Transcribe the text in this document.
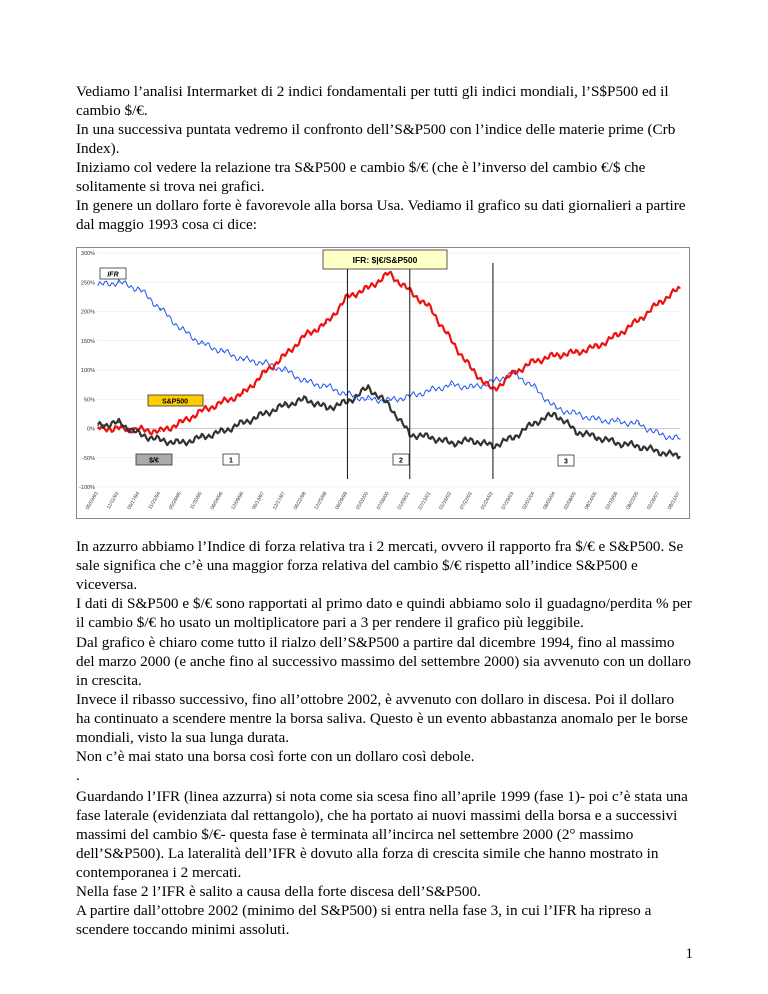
Vediamo l’analisi Intermarket di 2 indici fondamentali per tutti gli indici mondiali, l’S$P500 ed il cambio $/€.

In una successiva puntata vedremo il confronto dell’S&P500 con l’indice delle materie prime (Crb Index).

Iniziamo col vedere la relazione tra S&P500 e cambio $/€ (che è l’inverso del cambio €/$ che solitamente si trova nei grafici.

In genere un dollaro forte è favorevole alla borsa Usa. Vediamo il grafico su dati giornalieri a partire dal maggio 1993 cosa ci dice:

300%
250%
200%
150%
100%
50%
0%
-50%
-100%
05/03/93 11/11/93 05/17/94 11/21/94 05/26/95 11/30/95 06/04/96 12/09/96 06/13/97 12/17/97 06/22/98 12/25/98 06/29/99 01/02/00 07/06/00 01/09/01 07/13/01 01/16/02 07/22/02 01/24/03 07/29/03 02/01/04 08/05/04 02/08/05 08/14/05 02/16/06 08/22/06 02/26/07 08/31/07
IFR: $|€/S&P500
IFR
S&P500
$/€	1	2	3

In azzurro abbiamo l’Indice di forza relativa tra i 2 mercati, ovvero il rapporto fra $/€ e S&P500. Se sale significa che c’è una maggior forza relativa del cambio $/€ rispetto all’indice S&P500 e viceversa.

I dati di S&P500 e $/€ sono rapportati al primo dato e quindi abbiamo solo il guadagno/perdita % per il cambio $/€ ho usato un moltiplicatore pari a 3 per rendere il grafico più leggibile.

Dal grafico è chiaro come tutto il rialzo dell’S&P500 a partire dal dicembre 1994, fino al massimo del marzo 2000 (e anche fino al successivo massimo del settembre 2000) sia avvenuto con un dollaro in crescita.

Invece il ribasso successivo, fino all’ottobre 2002, è avvenuto con dollaro in discesa. Poi il dollaro ha continuato a scendere mentre la borsa saliva. Questo è un evento abbastanza anomalo per le borse mondiali, visto la sua lunga durata.

Non c’è mai stato una borsa così forte con un dollaro così debole.

.

Guardando l’IFR (linea azzurra) si nota come sia scesa fino all’aprile 1999 (fase 1)- poi c’è stata una fase laterale (evidenziata dal rettangolo), che ha portato ai nuovi massimi della borsa e a successivi massimi del cambio $/€- questa fase è terminata all’incirca nel settembre 2000 (2° massimo dell’S&P500). La lateralità dell’IFR è dovuto alla forza di crescita simile che hanno mostrato in contemporanea i 2 mercati.

Nella fase 2 l’IFR è salito a causa della forte discesa dell’S&P500.

A partire dall’ottobre 2002 (minimo del S&P500) si entra nella fase 3, in cui l’IFR ha ripreso a scendere toccando minimi assoluti.

1
